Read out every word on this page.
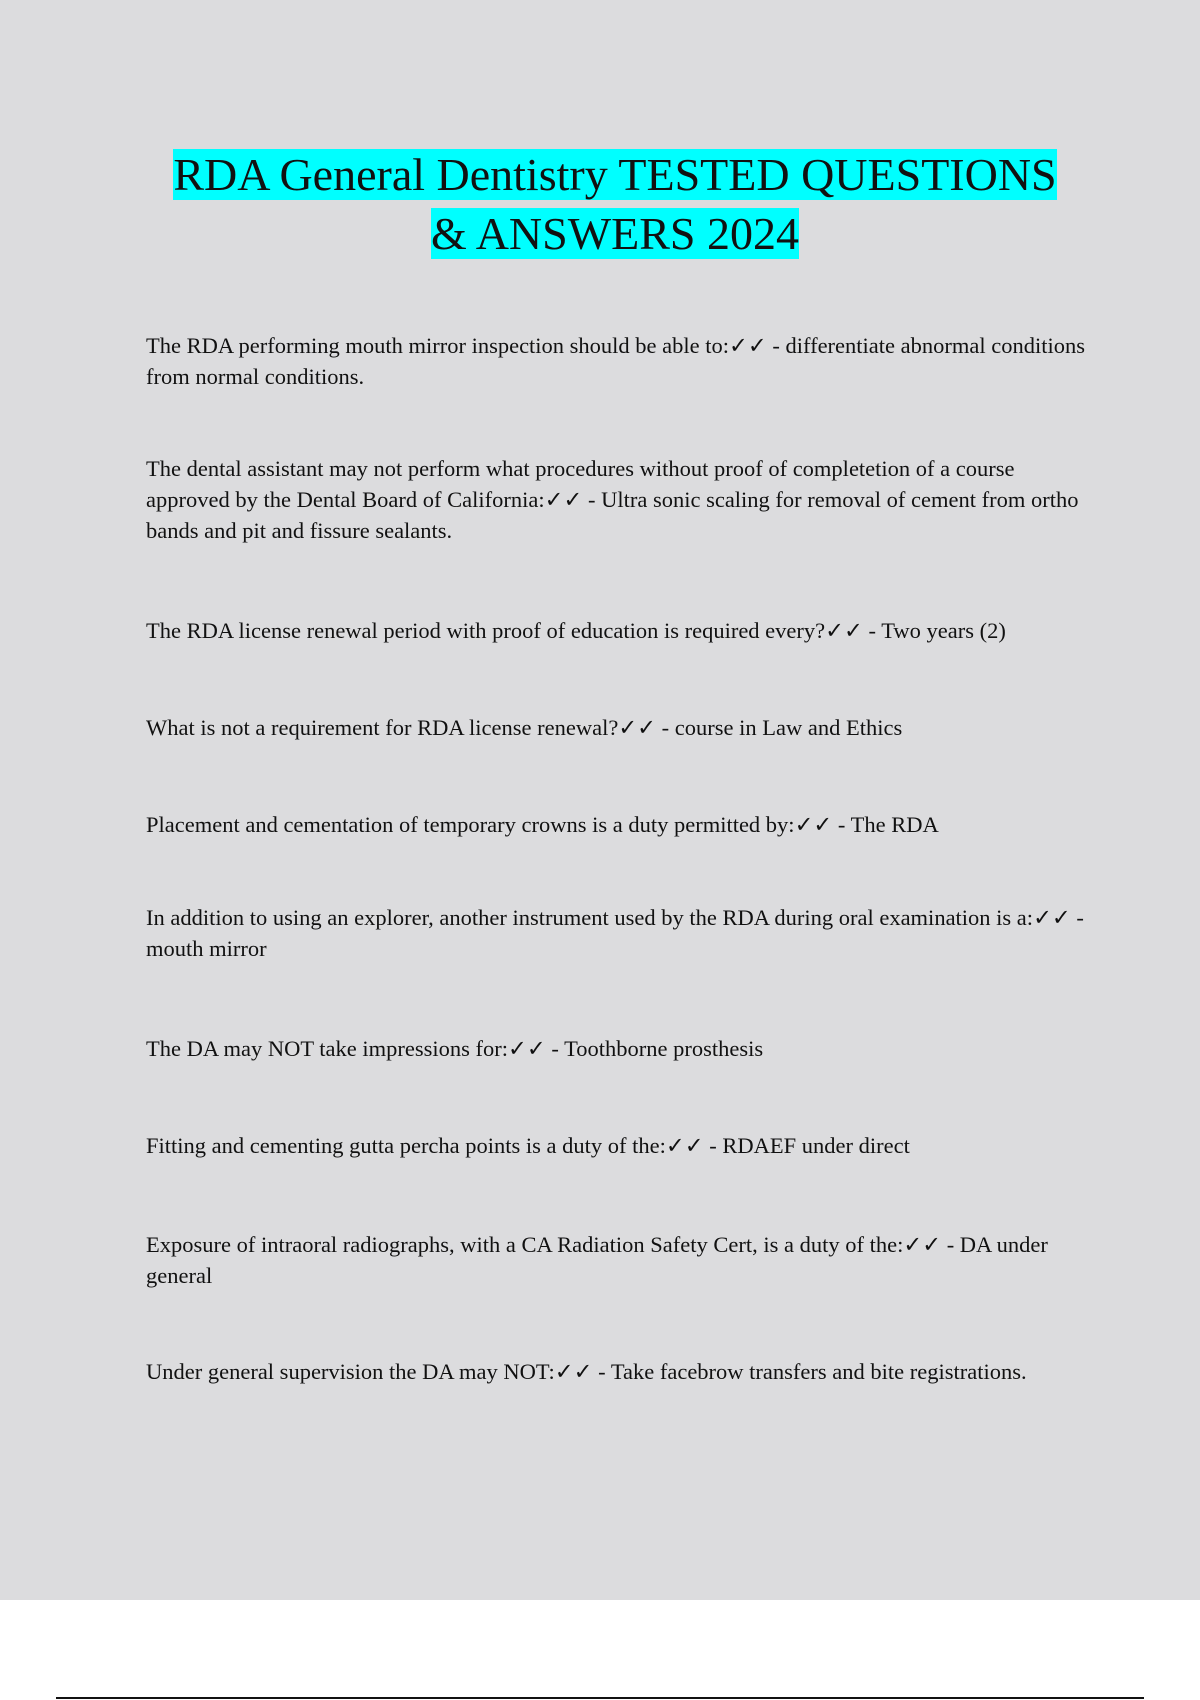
RDA General Dentistry TESTED QUESTIONS
& ANSWERS 2024

The RDA performing mouth mirror inspection should be able to:✓✓ - differentiate abnormal conditions from normal conditions.

The dental assistant may not perform what procedures without proof of completetion of a course approved by the Dental Board of California:✓✓ - Ultra sonic scaling for removal of cement from ortho bands and pit and fissure sealants.

The RDA license renewal period with proof of education is required every?✓✓ - Two years (2)

What is not a requirement for RDA license renewal?✓✓ - course in Law and Ethics

Placement and cementation of temporary crowns is a duty permitted by:✓✓ - The RDA

In addition to using an explorer, another instrument used by the RDA during oral examination is a:✓✓ - mouth mirror

The DA may NOT take impressions for:✓✓ - Toothborne prosthesis

Fitting and cementing gutta percha points is a duty of the:✓✓ - RDAEF under direct

Exposure of intraoral radiographs, with a CA Radiation Safety Cert, is a duty of the:✓✓ - DA under general

Under general supervision the DA may NOT:✓✓ - Take facebrow transfers and bite registrations.
